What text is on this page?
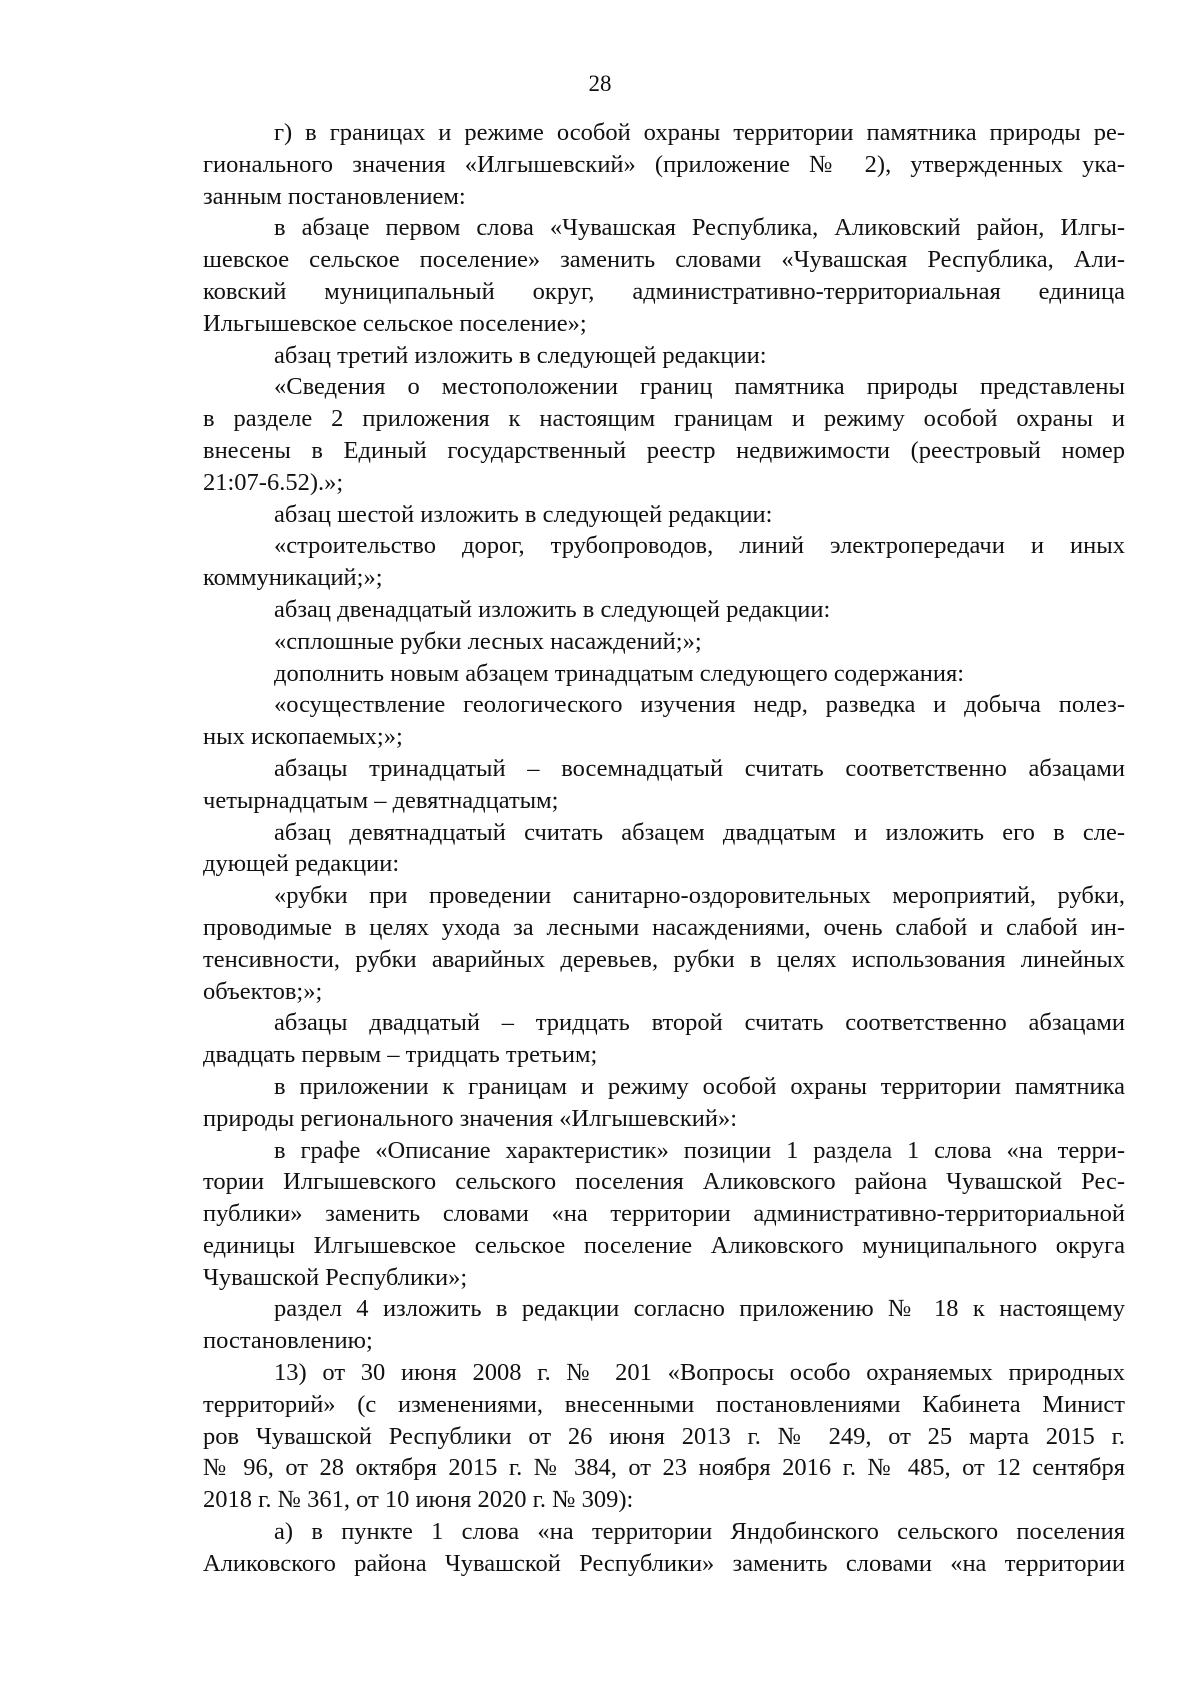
28

г) в границах и режиме особой охраны территории памятника природы ре-

гионального значения «Илгышевский» (приложение № 2), утвержденных ука-

занным постановлением:

в абзаце первом слова «Чувашская Республика, Аликовский район, Илгы-

шевское сельское поселение» заменить словами «Чувашская Республика, Али-

ковский муниципальный округ, административно-территориальная единица

Ильгышевское сельское поселение»;

абзац третий изложить в следующей редакции:

«Сведения о местоположении границ памятника природы представлены

в разделе 2 приложения к настоящим границам и режиму особой охраны и

внесены в Единый государственный реестр недвижимости (реестровый номер

21:07-6.52).»;

абзац шестой изложить в следующей редакции:

«строительство дорог, трубопроводов, линий электропередачи и иных

коммуникаций;»;

абзац двенадцатый изложить в следующей редакции:

«сплошные рубки лесных насаждений;»;

дополнить новым абзацем тринадцатым следующего содержания:

«осуществление геологического изучения недр, разведка и добыча полез-

ных ископаемых;»;

абзацы тринадцатый – восемнадцатый считать соответственно абзацами

четырнадцатым – девятнадцатым;

абзац девятнадцатый считать абзацем двадцатым и изложить его в сле-

дующей редакции:

«рубки при проведении санитарно-оздоровительных мероприятий, рубки,

проводимые в целях ухода за лесными насаждениями, очень слабой и слабой ин-

тенсивности, рубки аварийных деревьев, рубки в целях использования линейных

объектов;»;

абзацы двадцатый – тридцать второй считать соответственно абзацами

двадцать первым – тридцать третьим;

в приложении к границам и режиму особой охраны территории памятника

природы регионального значения «Илгышевский»:

в графе «Описание характеристик» позиции 1 раздела 1 слова «на терри-

тории Илгышевского сельского поселения Аликовского района Чувашской Рес-

публики» заменить словами «на территории административно-территориальной

единицы Илгышевское сельское поселение Аликовского муниципального округа

Чувашской Республики»;

раздел 4 изложить в редакции согласно приложению № 18 к настоящему

постановлению;

13) от 30 июня 2008 г. № 201 «Вопросы особо охраняемых природных

территорий» (с изменениями, внесенными постановлениями Кабинета Минист

ров Чувашской Республики от 26 июня 2013 г. № 249, от 25 марта 2015 г.

№ 96, от 28 октября 2015 г. № 384, от 23 ноября 2016 г. № 485, от 12 сентября

2018 г. № 361, от 10 июня 2020 г. № 309):

а) в пункте 1 слова «на территории Яндобинского сельского поселения

Аликовского района Чувашской Республики» заменить словами «на территории
